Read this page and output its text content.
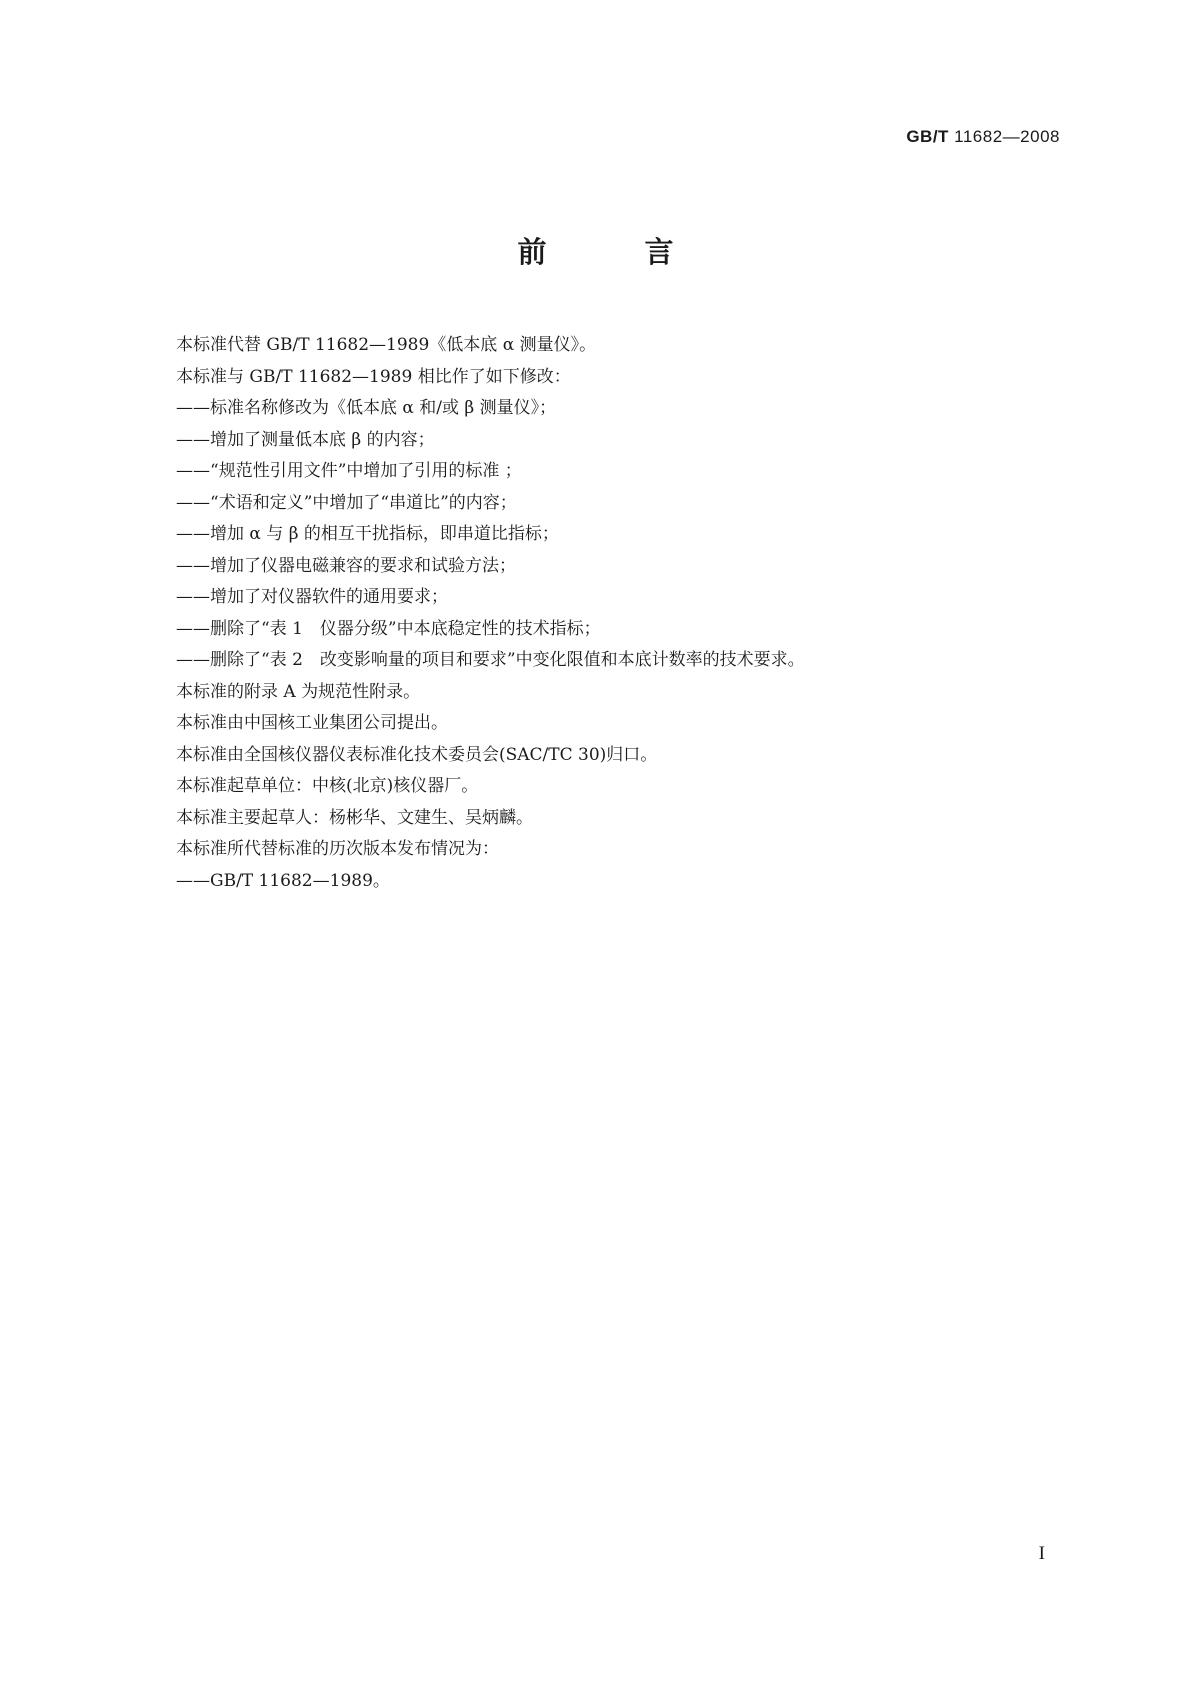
GB/T 11682—2008
前 言
本标准代替 GB/T 11682—1989《低本底 α 测量仪》。
本标准与 GB/T 11682—1989 相比作了如下修改：
——标准名称修改为《低本底 α 和/或 β 测量仪》；
——增加了测量低本底 β 的内容；
——“规范性引用文件”中增加了引用的标准 ；
——“术语和定义”中增加了“串道比”的内容；
——增加 α 与 β 的相互干扰指标，即串道比指标；
——增加了仪器电磁兼容的要求和试验方法；
——增加了对仪器软件的通用要求；
——删除了“表 1　仪器分级”中本底稳定性的技术指标；
——删除了“表 2　改变影响量的项目和要求”中变化限值和本底计数率的技术要求。
本标准的附录 A 为规范性附录。
本标准由中国核工业集团公司提出。
本标准由全国核仪器仪表标准化技术委员会(SAC/TC 30)归口。
本标准起草单位：中核(北京)核仪器厂。
本标准主要起草人：杨彬华、文建生、吴炳麟。
本标准所代替标准的历次版本发布情况为：
——GB/T 11682—1989。
I
